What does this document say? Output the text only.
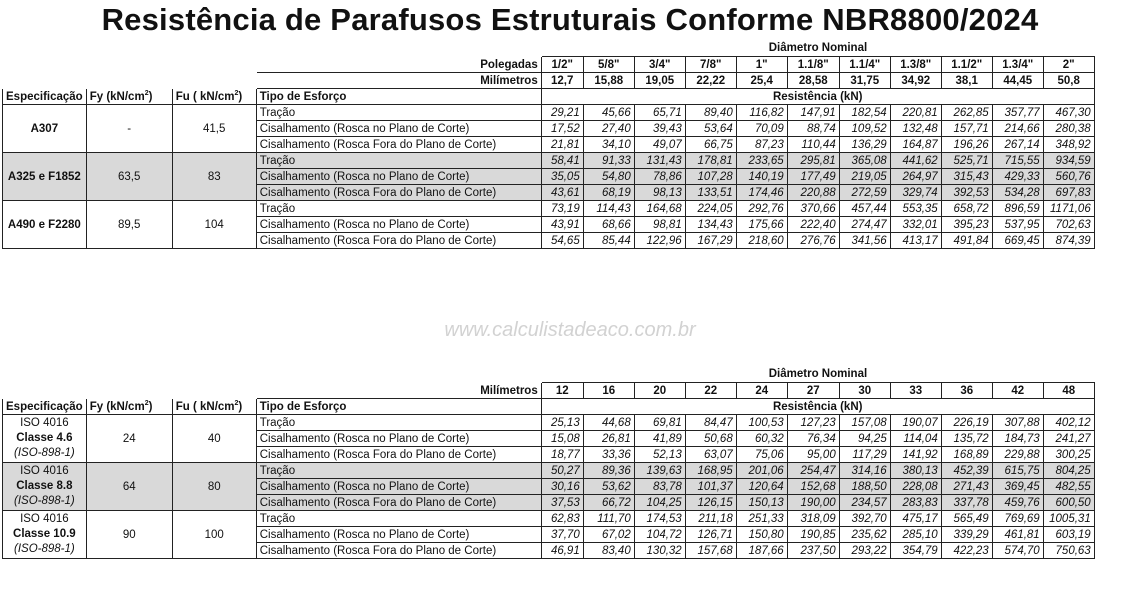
Resistência de Parafusos Estruturais Conforme NBR8800/2024
				Diâmetro Nominal										
			Polegadas	1/2"	5/8"	3/4"	7/8"	1"	1.1/8"	1.1/4"	1.3/8"	1.1/2"	1.3/4"	2"
			Milímetros	12,7	15,88	19,05	22,22	25,4	28,58	31,75	34,92	38,1	44,45	50,8
Especificação	Fy $(kN/cm^2)$	Fu ( $kN/cm^2$)	Tipo de Esforço	Resistência (kN)										
A307	-	41,5	Tração	29,21	45,66	65,71	89,40	116,82	147,91	182,54	220,81	262,85	357,77	467,30
			Cisalhamento (Rosca no Plano de Corte)	17,52	27,40	39,43	53,64	70,09	88,74	109,52	132,48	157,71	214,66	280,38
			Cisalhamento (Rosca Fora do Plano de Corte)	21,81	34,10	49,07	66,75	87,23	110,44	136,29	164,87	196,26	267,14	348,92
A325 e F1852	63,5	83	Tração	58,41	91,33	131,43	178,81	233,65	295,81	365,08	441,62	525,71	715,55	934,59
			Cisalhamento (Rosca no Plano de Corte)	35,05	54,80	78,86	107,28	140,19	177,49	219,05	264,97	315,43	429,33	560,76
			Cisalhamento (Rosca Fora do Plano de Corte)	43,61	68,19	98,13	133,51	174,46	220,88	272,59	329,74	392,53	534,28	697,83
A490 e F2280	89,5	104	Tração	73,19	114,43	164,68	224,05	292,76	370,66	457,44	553,35	658,72	896,59	1171,06
			Cisalhamento (Rosca no Plano de Corte)	43,91	68,66	98,81	134,43	175,66	222,40	274,47	332,01	395,23	537,95	702,63
			Cisalhamento (Rosca Fora do Plano de Corte)	54,65	85,44	122,96	167,29	218,60	276,76	341,56	413,17	491,84	669,45	874,39
www.calculistadeaco.com.br
				Diâmetro Nominal										
			Milímetros	12	16	20	22	24	27	30	33	36	42	48
Especificação	Fy $(kN/cm^2)$	Fu ( $kN/cm^2$)	Tipo de Esforço	Resistência (kN)										

ISO 4016
Classe 4.6
(ISO-898-1)	24	40	Tração	25,13	44,68	69,81	84,47	100,53	127,23	157,08	190,07	226,19	307,88	402,12
			Cisalhamento (Rosca no Plano de Corte)	15,08	26,81	41,89	50,68	60,32	76,34	94,25	114,04	135,72	184,73	241,27
			Cisalhamento (Rosca Fora do Plano de Corte)	18,77	33,36	52,13	63,07	75,06	95,00	117,29	141,92	168,89	229,88	300,25

ISO 4016
Classe 8.8
(ISO-898-1)	64	80	Tração	50,27	89,36	139,63	168,95	201,06	254,47	314,16	380,13	452,39	615,75	804,25
			Cisalhamento (Rosca no Plano de Corte)	30,16	53,62	83,78	101,37	120,64	152,68	188,50	228,08	271,43	369,45	482,55
			Cisalhamento (Rosca Fora do Plano de Corte)	37,53	66,72	104,25	126,15	150,13	190,00	234,57	283,83	337,78	459,76	600,50

ISO 4016
Classe 10.9
(ISO-898-1)	90	100	Tração	62,83	111,70	174,53	211,18	251,33	318,09	392,70	475,17	565,49	769,69	1005,31
			Cisalhamento (Rosca no Plano de Corte)	37,70	67,02	104,72	126,71	150,80	190,85	235,62	285,10	339,29	461,81	603,19
			Cisalhamento (Rosca Fora do Plano de Corte)	46,91	83,40	130,32	157,68	187,66	237,50	293,22	354,79	422,23	574,70	750,63
